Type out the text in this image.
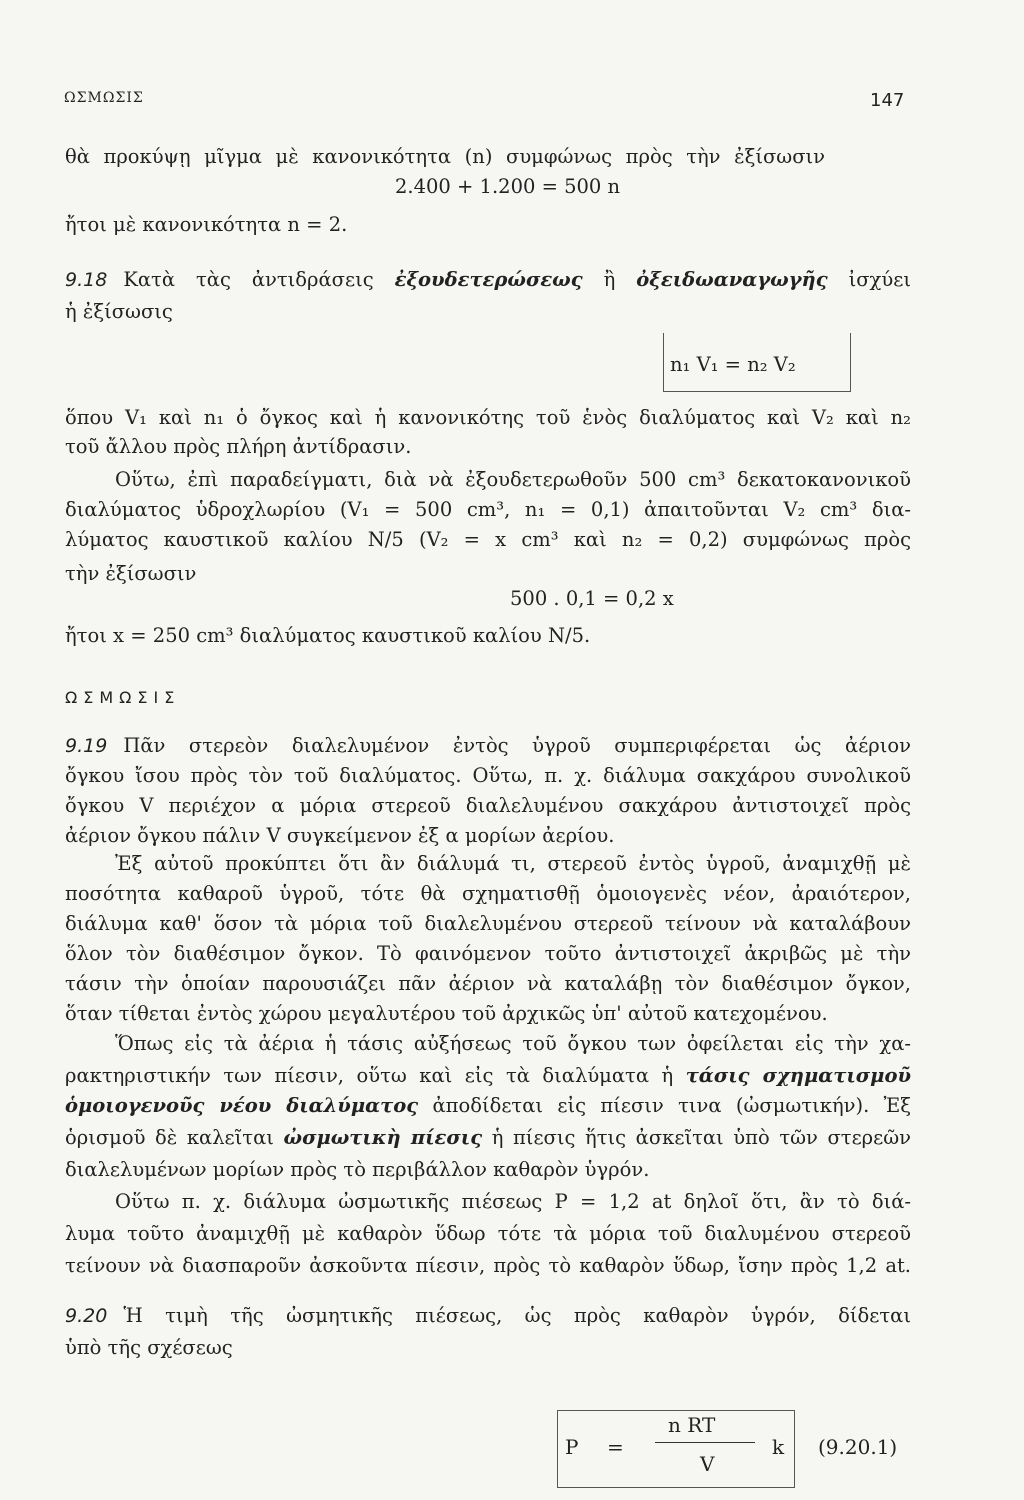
ΩΣΜΩΣΙΣ	147
θὰ προκύψῃ μῖγμα μὲ κανονικότητα (n) συμφώνως πρὸς τὴν ἐξίσωσιν
2.400 + 1.200 = 500 n
ἤτοι μὲ κανονικότητα n = 2.
9.18 Κατὰ τὰς ἀντιδράσεις ἐξουδετερώσεως ἢ ὀξειδωαναγωγῆς ἰσχύει
ἡ ἐξίσωσις
n₁ V₁ = n₂ V₂
ὅπου V₁ καὶ n₁ ὁ ὄγκος καὶ ἡ κανονικότης τοῦ ἑνὸς διαλύματος καὶ V₂ καὶ n₂
τοῦ ἄλλου πρὸς πλήρη ἀντίδρασιν.
Οὕτω, ἐπὶ παραδείγματι, διὰ νὰ ἐξουδετερωθοῦν 500 cm³ δεκατοκανονικοῦ
διαλύματος ὑδροχλωρίου (V₁ = 500 cm³, n₁ = 0,1) ἀπαιτοῦνται V₂ cm³ δια-
λύματος καυστικοῦ καλίου N/5 (V₂ = x cm³ καὶ n₂ = 0,2) συμφώνως πρὸς
τὴν ἐξίσωσιν
500 . 0,1 = 0,2 x
ἤτοι x = 250 cm³ διαλύματος καυστικοῦ καλίου N/5.
ΩΣΜΩΣΙΣ
9.19 Πᾶν στερεὸν διαλελυμένον ἐντὸς ὑγροῦ συμπεριφέρεται ὡς ἀέριον
ὄγκου ἴσου πρὸς τὸν τοῦ διαλύματος. Οὕτω, π. χ. διάλυμα σακχάρου συνολικοῦ
ὄγκου V περιέχον α μόρια στερεοῦ διαλελυμένου σακχάρου ἀντιστοιχεῖ πρὸς
ἀέριον ὄγκου πάλιν V συγκείμενον ἐξ α μορίων ἀερίου.
Ἐξ αὐτοῦ προκύπτει ὅτι ἂν διάλυμά τι, στερεοῦ ἐντὸς ὑγροῦ, ἀναμιχθῇ μὲ
ποσότητα καθαροῦ ὑγροῦ, τότε θὰ σχηματισθῇ ὁμοιογενὲς νέον, ἀραιότερον,
διάλυμα καθ' ὅσον τὰ μόρια τοῦ διαλελυμένου στερεοῦ τείνουν νὰ καταλάβουν
ὅλον τὸν διαθέσιμον ὄγκον. Τὸ φαινόμενον τοῦτο ἀντιστοιχεῖ ἀκριβῶς μὲ τὴν
τάσιν τὴν ὁποίαν παρουσιάζει πᾶν ἀέριον νὰ καταλάβῃ τὸν διαθέσιμον ὄγκον,
ὅταν τίθεται ἐντὸς χώρου μεγαλυτέρου τοῦ ἀρχικῶς ὑπ' αὐτοῦ κατεχομένου.
Ὅπως εἰς τὰ ἀέρια ἡ τάσις αὐξήσεως τοῦ ὄγκου των ὀφείλεται εἰς τὴν χα-
ρακτηριστικήν των πίεσιν, οὕτω καὶ εἰς τὰ διαλύματα ἡ τάσις σχηματισμοῦ
ὁμοιογενοῦς νέου διαλύματος ἀποδίδεται εἰς πίεσιν τινα (ὠσμωτικήν). Ἐξ
ὁρισμοῦ δὲ καλεῖται ὠσμωτικὴ πίεσις ἡ πίεσις ἥτις ἀσκεῖται ὑπὸ τῶν στερεῶν
διαλελυμένων μορίων πρὸς τὸ περιβάλλον καθαρὸν ὑγρόν.
Οὕτω π. χ. διάλυμα ὠσμωτικῆς πιέσεως P = 1,2 at δηλοῖ ὅτι, ἂν τὸ διά-
λυμα τοῦτο ἀναμιχθῇ μὲ καθαρὸν ὕδωρ τότε τὰ μόρια τοῦ διαλυμένου στερεοῦ
τείνουν νὰ διασπαροῦν ἀσκοῦντα πίεσιν, πρὸς τὸ καθαρὸν ὕδωρ, ἴσην πρὸς 1,2 at.
9.20 Ἡ τιμὴ τῆς ὠσμητικῆς πιέσεως, ὡς πρὸς καθαρὸν ὑγρόν, δίδεται
ὑπὸ τῆς σχέσεως
P =
n RT
V
k (9.20.1)
